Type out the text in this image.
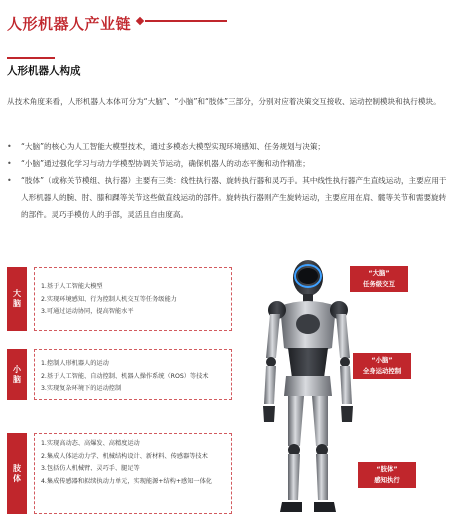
人形机器人产业链
人形机器人构成

从技术角度来看，人形机器人本体可分为“大脑”、“小脑”和“肢体”三部分，分别对应着决策交互接收、运动控制模块和执行模块。

• “大脑”的核心为人工智能大模型技术，通过多模态大模型实现环境感知、任务规划与决策；
• “小脑”通过强化学习与动力学模型协调关节运动，确保机器人的动态平衡和动作精准；
• “肢体”（或称关节模组、执行器）主要有三类：线性执行器、旋转执行器和灵巧手。其中线性执行器产生直线运动，主要应用于人形机器人的腕、肘、膝和踝等关节这些做直线运动的部件。旋转执行器则产生旋转运动，主要应用在肩、髋等关节和需要旋转的部件。灵巧手模仿人的手部，灵活且自由度高。
大脑
1.基于人工智能大模型
2.实现环境感知、行为控制人机交互等任务级能力
3.可通过运动协同，提高智能水平
小脑
1.控制人形机器人的运动
2.基于人工智能、自动控制、机器人操作系统（ROS）等技术
3.实现复杂环境下的运动控制
肢体
1.实现高动态、高爆发、高精度运动
2.集成人体运动力学、机械结构设计、新材料、传感器等技术
3.包括仿人机械臂、灵巧手、腿足等
4.集成传感器和拟续执动力单元，实现能源+结构+感知一体化
“大脑”
任务级交互
“小脑”
全身运动控制
“肢体”
感知执行
